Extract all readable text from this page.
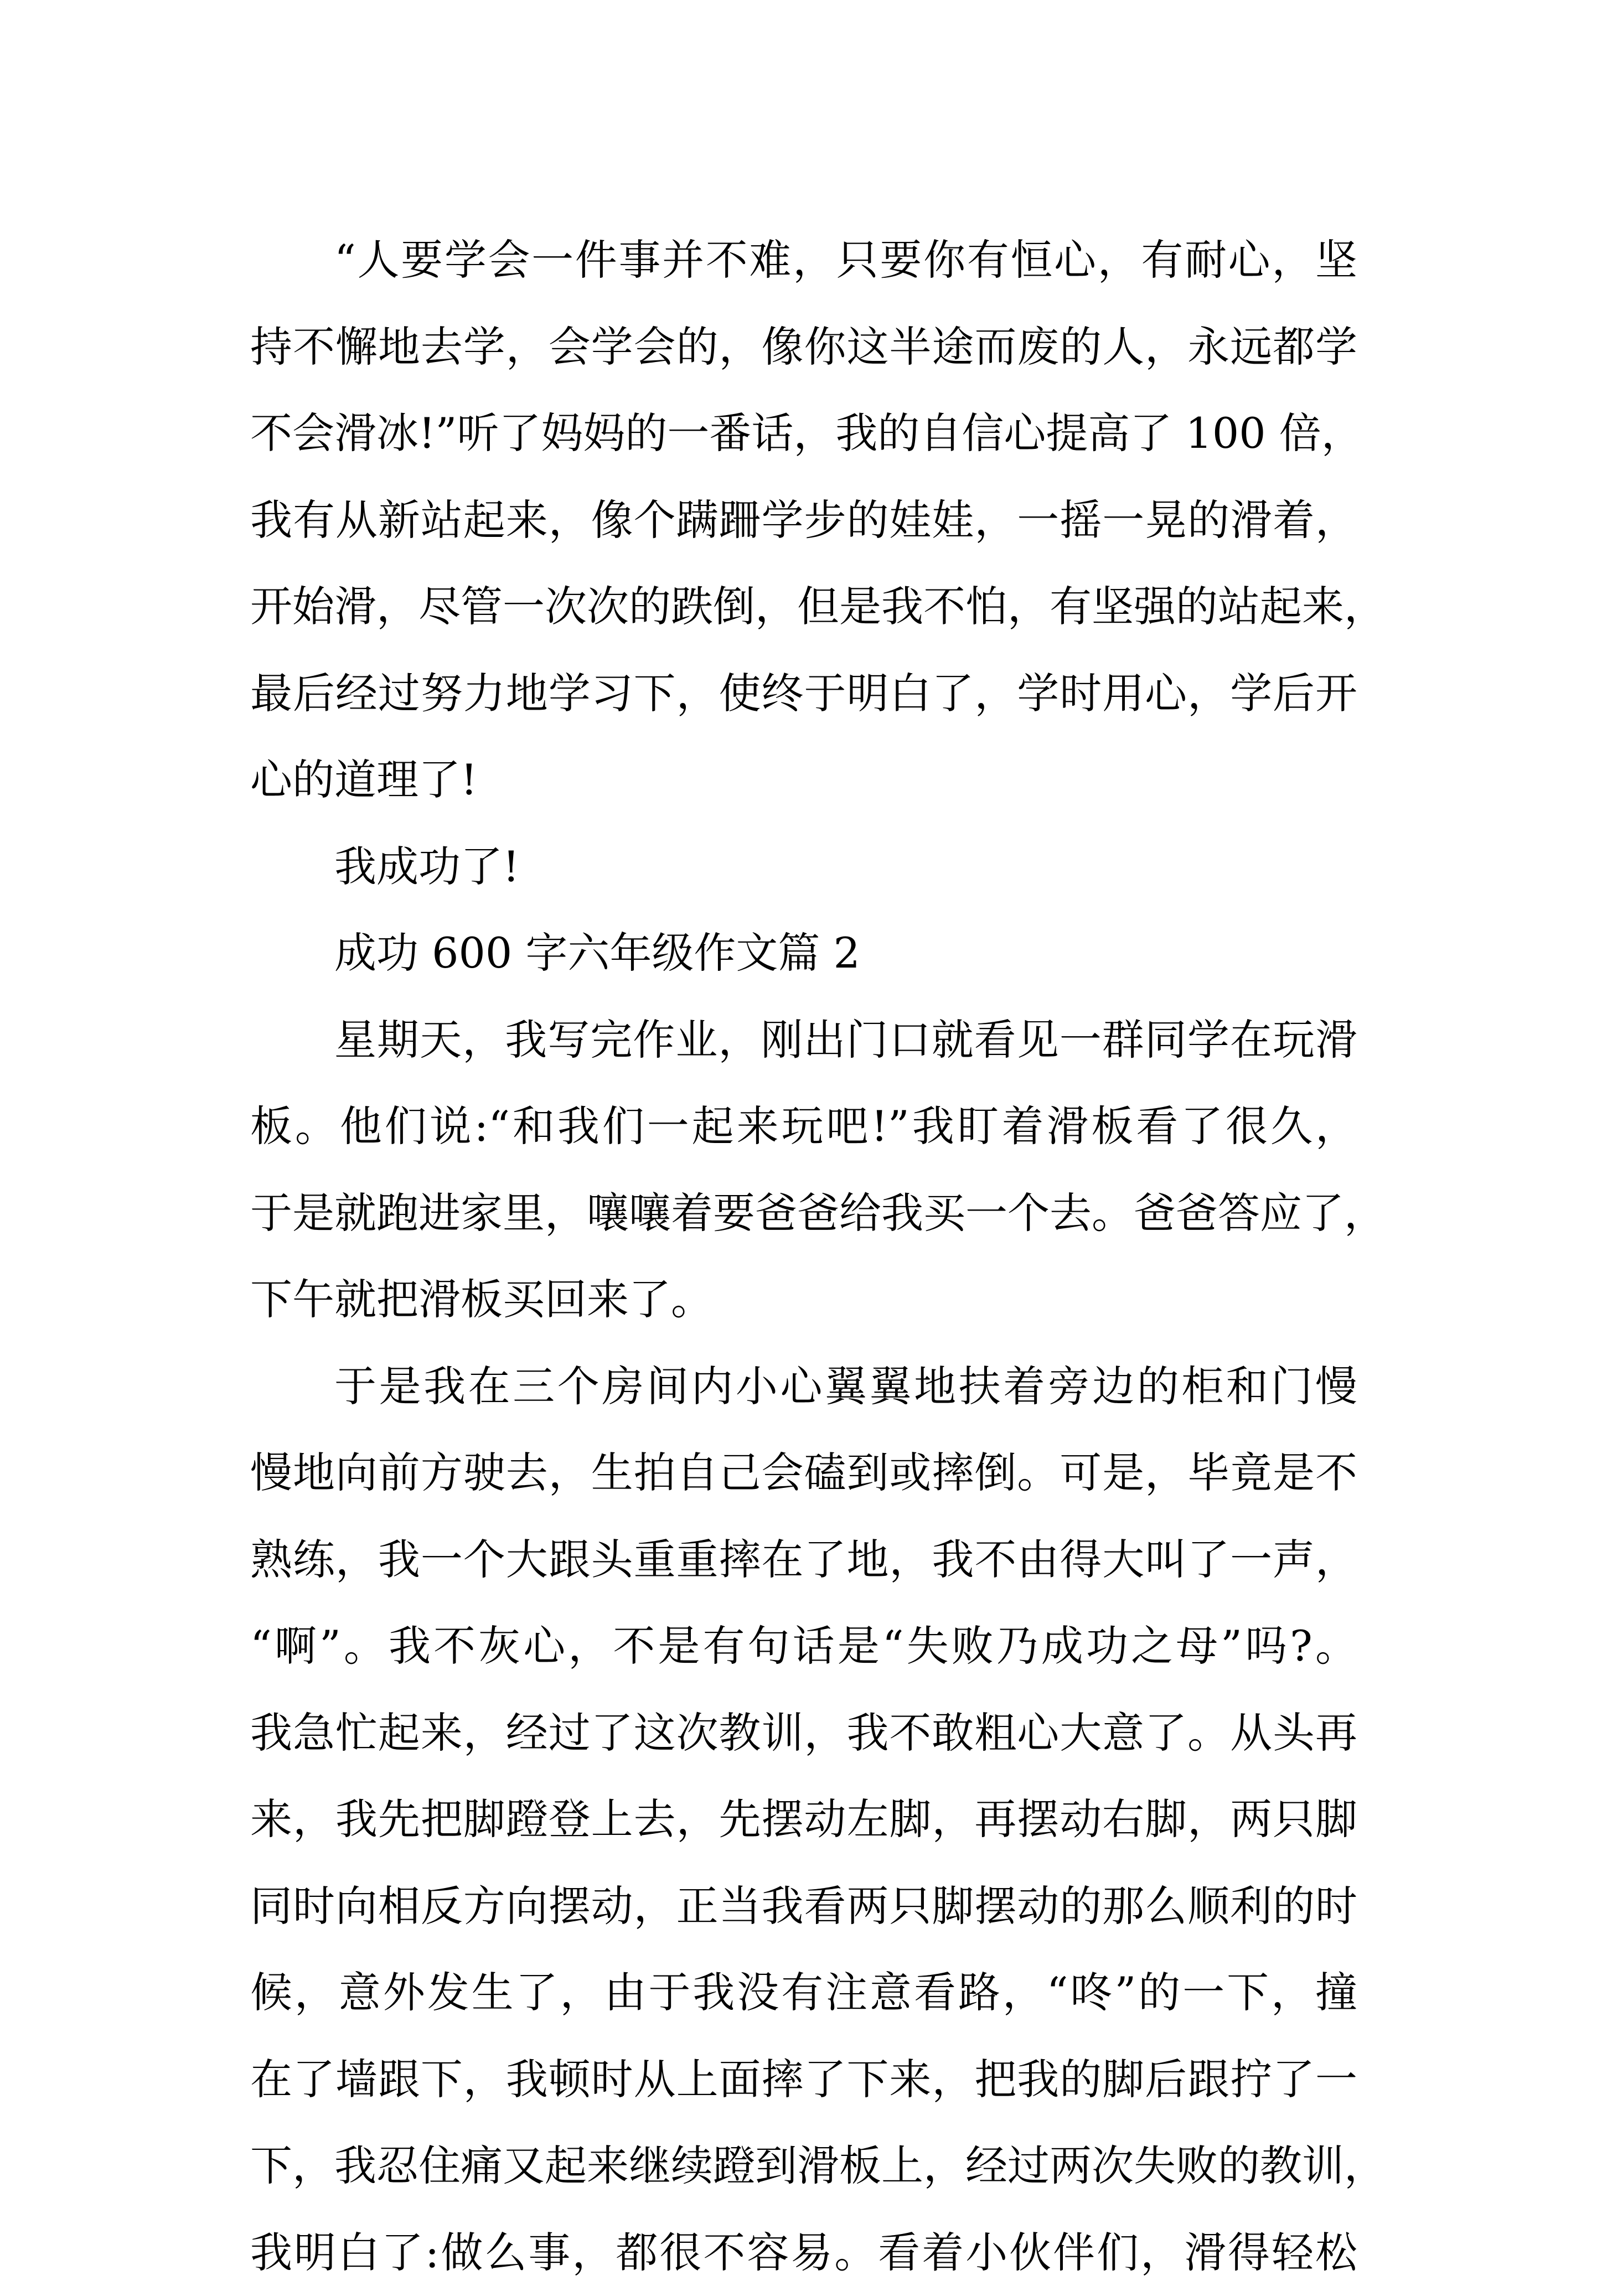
“人要学会一件事并不难，只要你有恒心，有耐心，坚
持不懈地去学，会学会的，像你这半途而废的人，永远都学
不会滑冰!”听了妈妈的一番话，我的自信心提高了 100 倍，
我有从新站起来，像个蹒跚学步的娃娃，一摇一晃的滑着，
开始滑，尽管一次次的跌倒，但是我不怕，有坚强的站起来，
最后经过努力地学习下，使终于明白了，学时用心，学后开
心的道理了!
我成功了!
成功 600 字六年级作文篇 2
星期天，我写完作业，刚出门口就看见一群同学在玩滑
板。他们说:“和我们一起来玩吧!”我盯着滑板看了很久，
于是就跑进家里，嚷嚷着要爸爸给我买一个去。爸爸答应了，
下午就把滑板买回来了。
于是我在三个房间内小心翼翼地扶着旁边的柜和门慢
慢地向前方驶去，生拍自己会磕到或摔倒。可是，毕竟是不
熟练，我一个大跟头重重摔在了地，我不由得大叫了一声，
“啊”。我不灰心，不是有句话是“失败乃成功之母”吗?。
我急忙起来，经过了这次教训，我不敢粗心大意了。从头再
来，我先把脚蹬登上去，先摆动左脚，再摆动右脚，两只脚
同时向相反方向摆动，正当我看两只脚摆动的那么顺利的时
候，意外发生了，由于我没有注意看路，“咚”的一下，撞
在了墙跟下，我顿时从上面摔了下来，把我的脚后跟拧了一
下，我忍住痛又起来继续蹬到滑板上，经过两次失败的教训，
我明白了:做么事，都很不容易。看着小伙伴们，滑得轻松
